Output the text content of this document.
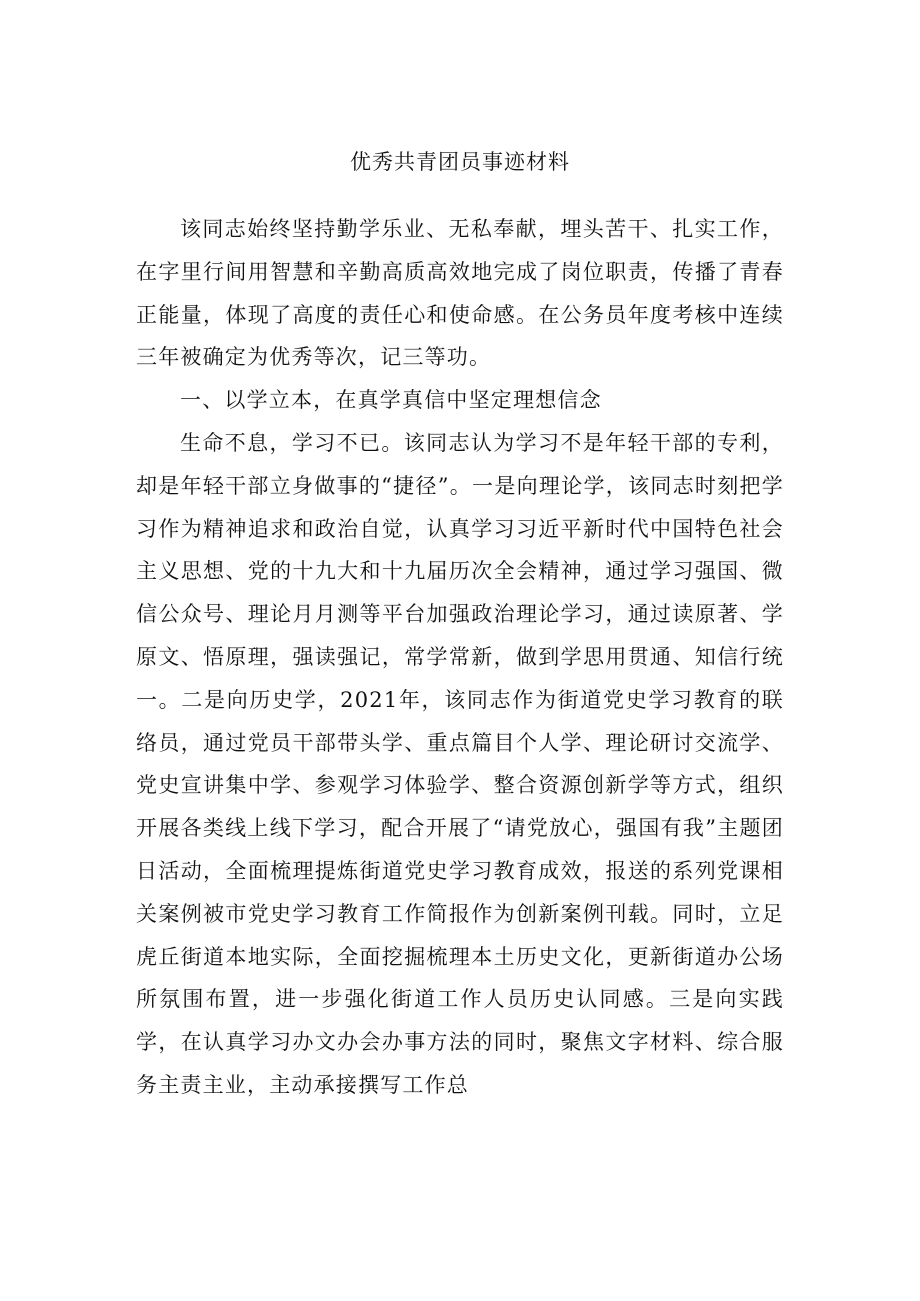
优秀共青团员事迹材料

该同志始终坚持勤学乐业、无私奉献，埋头苦干、扎实工作，在字里行间用智慧和辛勤高质高效地完成了岗位职责，传播了青春正能量，体现了高度的责任心和使命感。在公务员年度考核中连续三年被确定为优秀等次，记三等功。

一、以学立本，在真学真信中坚定理想信念

生命不息，学习不已。该同志认为学习不是年轻干部的专利，却是年轻干部立身做事的“捷径”。一是向理论学，该同志时刻把学习作为精神追求和政治自觉，认真学习习近平新时代中国特色社会主义思想、党的十九大和十九届历次全会精神，通过学习强国、微信公众号、理论月月测等平台加强政治理论学习，通过读原著、学原文、悟原理，强读强记，常学常新，做到学思用贯通、知信行统一。二是向历史学，2021年，该同志作为街道党史学习教育的联络员，通过党员干部带头学、重点篇目个人学、理论研讨交流学、党史宣讲集中学、参观学习体验学、整合资源创新学等方式，组织开展各类线上线下学习，配合开展了“请党放心，强国有我”主题团日活动，全面梳理提炼街道党史学习教育成效，报送的系列党课相关案例被市党史学习教育工作简报作为创新案例刊载。同时，立足虎丘街道本地实际，全面挖掘梳理本土历史文化，更新街道办公场所氛围布置，进一步强化街道工作人员历史认同感。三是向实践学，在认真学习办文办会办事方法的同时，聚焦文字材料、综合服务主责主业，主动承接撰写工作总
